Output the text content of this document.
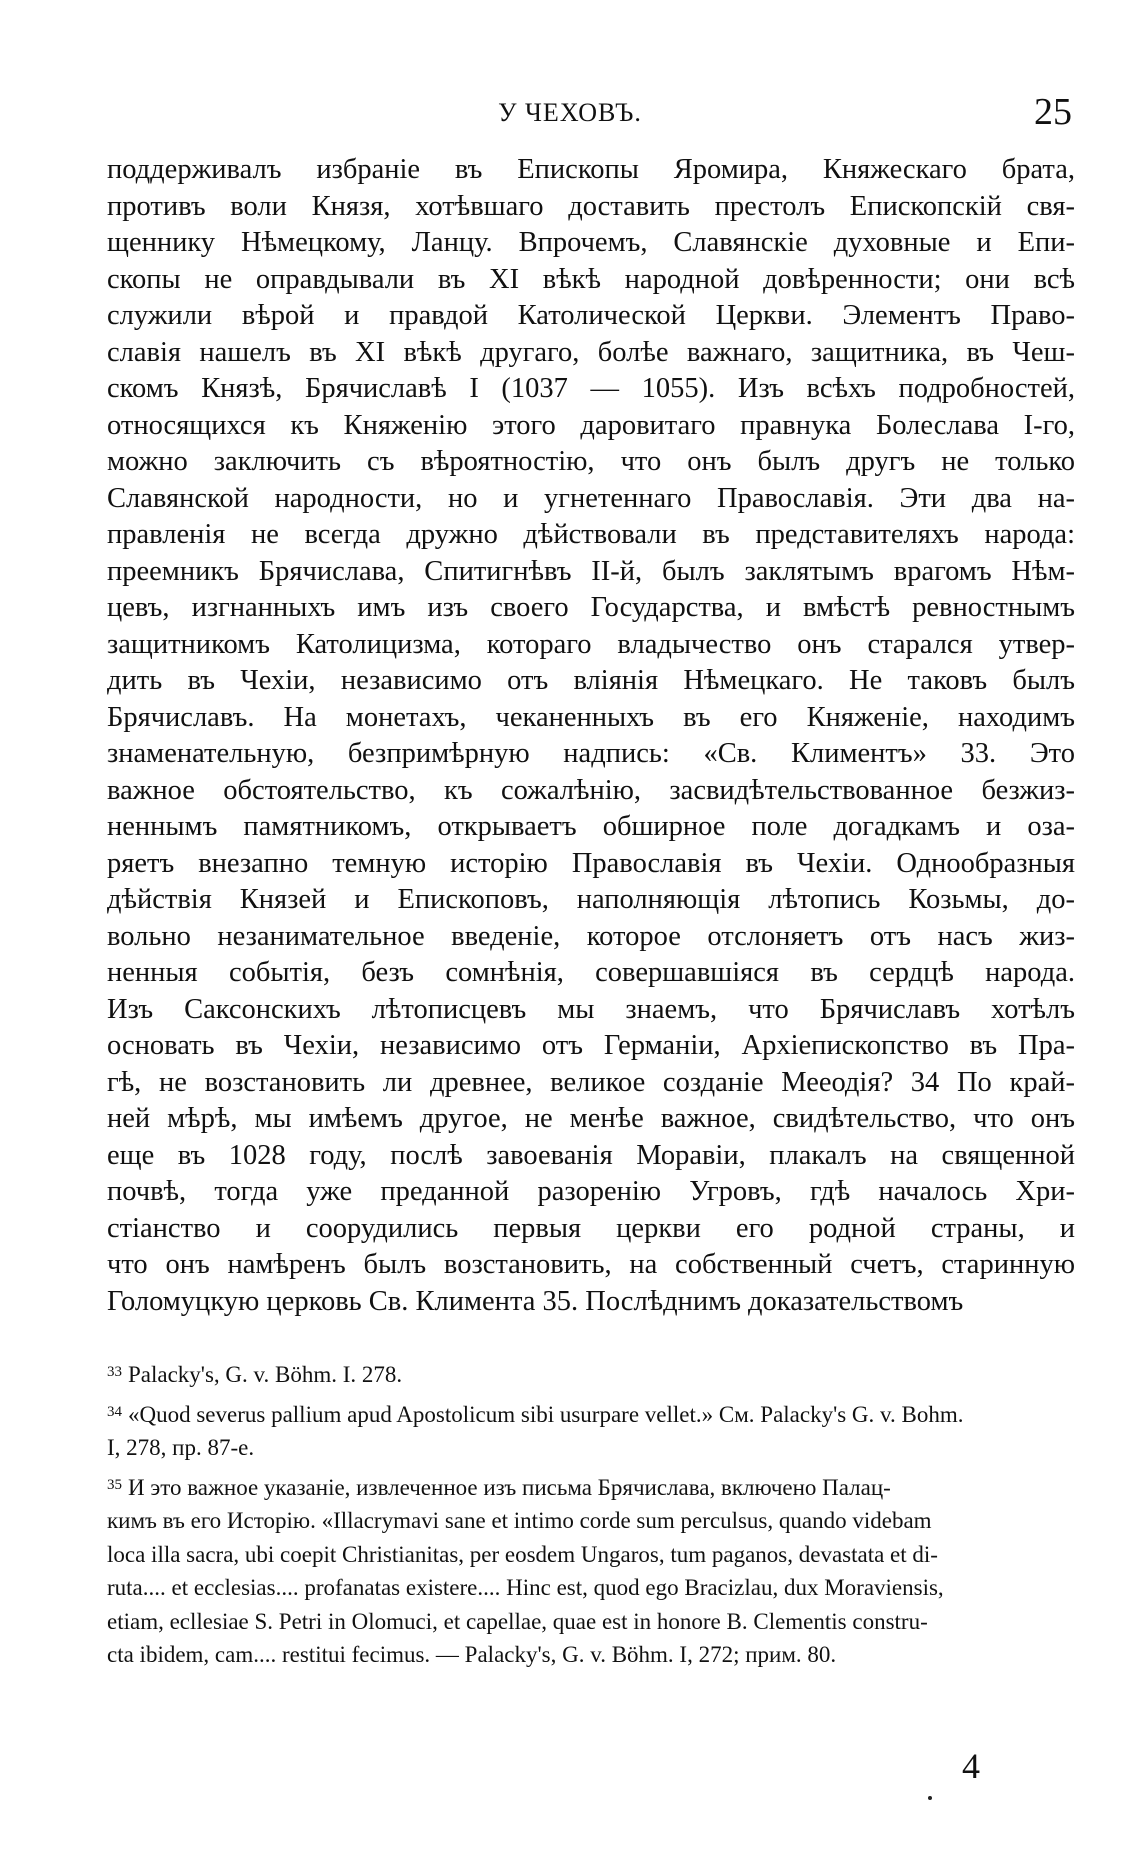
У ЧЕХОВЪ.	25
поддерживалъ избраніе въ Епископы Яромира, Княжескаго брата,
противъ воли Князя, хотѣвшаго доставить престолъ Епископскій свя-
щеннику Нѣмецкому, Ланцу. Впрочемъ, Славянскіе духовные и Епи-
скопы не оправдывали въ XI вѣкѣ народной довѣренности; они всѣ
служили вѣрой и правдой Католической Церкви. Элементъ Право-
славія нашелъ въ XI вѣкѣ другаго, болѣе важнаго, защитника, въ Чеш-
скомъ Князѣ, Брячиславѣ I (1037 — 1055). Изъ всѣхъ подробностей,
относящихся къ Княженію этого даровитаго правнука Болеслава I-го,
можно заключить съ вѣроятностію, что онъ былъ другъ не только
Славянской народности, но и угнетеннаго Православія. Эти два на-
правленія не всегда дружно дѣйствовали въ представителяхъ народа:
преемникъ Брячислава, Спитигнѣвъ II-й, былъ заклятымъ врагомъ Нѣм-
цевъ, изгнанныхъ имъ изъ своего Государства, и вмѣстѣ ревностнымъ
защитникомъ Католицизма, котораго владычество онъ старался утвер-
дить въ Чехіи, независимо отъ вліянія Нѣмецкаго. Не таковъ былъ
Брячиславъ. На монетахъ, чеканенныхъ въ его Княженіе, находимъ
знаменательную, безпримѣрную надпись: «Св. Климентъ» 33. Это
важное обстоятельство, къ сожалѣнію, засвидѣтельствованное безжиз-
неннымъ памятникомъ, открываетъ обширное поле догадкамъ и оза-
ряетъ внезапно темную исторію Православія въ Чехіи. Однообразныя
дѣйствія Князей и Епископовъ, наполняющія лѣтопись Козьмы, до-
вольно незанимательное введеніе, которое отслоняетъ отъ насъ жиз-
ненныя событія, безъ сомнѣнія, совершавшіяся въ сердцѣ народа.
Изъ Саксонскихъ лѣтописцевъ мы знаемъ, что Брячиславъ хотѣлъ
основать въ Чехіи, независимо отъ Германіи, Архіепископство въ Пра-
гѣ, не возстановить ли древнее, великое созданіе Мееодія? 34 По край-
ней мѣрѣ, мы имѣемъ другое, не менѣе важное, свидѣтельство, что онъ
еще въ 1028 году, послѣ завоеванія Моравіи, плакалъ на священной
почвѣ, тогда уже преданной разоренію Угровъ, гдѣ началось Хри-
стіанство и соорудились первыя церкви его родной страны, и
что онъ намѣренъ былъ возстановить, на собственный счетъ, старинную
Голомуцкую церковь Св. Климента 35. Послѣднимъ доказательствомъ
$^{33}$ Palacky's, G. v. Böhm. I. 278.
$^{34}$ «Quod severus pallium apud Apostolicum sibi usurpare vellet.» См. Palacky's G. v. Bohm.
I, 278, пр. 87-е.
$^{35}$ И это важное указаніе, извлеченное изъ письма Брячислава, включено Палац-
кимъ въ его Исторію. «Illacrymavi sane et intimo corde sum perculsus, quando videbam
loca illa sacra, ubi coepit Christianitas, per eosdem Ungaros, tum paganos, devastata et di-
ruta.... et ecclesias.... profanatas existere.... Hinc est, quod ego Bracizlau, dux Moraviensis,
etiam, ecllesiae S. Petri in Olomuci, et capellae, quae est in honore B. Clementis constru-
cta ibidem, cam.... restitui fecimus. — Palacky's, G. v. Böhm. I, 272; прим. 80.
4
